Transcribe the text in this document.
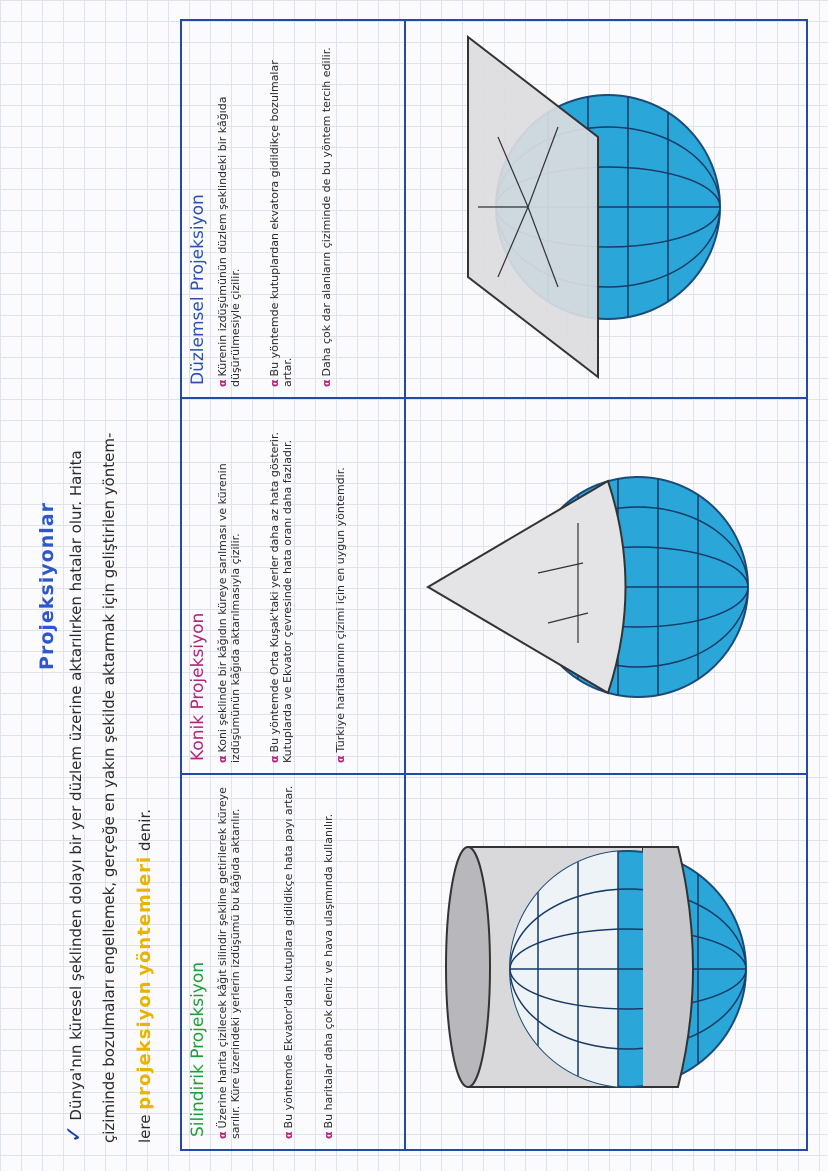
Projeksiyonlar
✓Dünya'nın küresel şeklinden dolayı bir yer düzlem üzerine aktarılırken hatalar olur. Harita çiziminde bozulmaları engellemek, gerçeğe en yakın şekilde aktarmak için geliştirilen yöntem- lere projeksiyon yöntemleri denir.
Silindirik Projeksiyon αÜzerine harita çizilecek kâğıt silindir şekline getirilerek küreye sarılır. Küre üzerindeki yerlerin izdüşümü bu kâğıda aktarılır.	αBu yöntemde Ekvator'dan kutuplara gidildikçe hata payı artar.
αBu haritalar daha çok deniz ve hava ulaşımında kullanılır.
Konik Projeksiyon αKoni şeklinde bir kâğıdın küreye sarılması ve kürenin izdüşümünün kâğıda aktarılmasıyla çizilir. αBu yöntemde Orta Kuşak'taki yerler daha az hata gösterir. Kutuplarda ve Ekvator çevresinde hata oranı daha fazladır.	αTürkiye haritalarının çizimi için en uygun yöntemdir.
Düzlemsel Projeksiyon αKürenin izdüşümünün düzlem şeklindeki bir kâğıda düşürülmesiyle çizilir. αBu yöntemde kutuplardan ekvatora gidildikçe bozulmalar artar. αDaha çok dar alanların çiziminde de bu yöntem tercih edilir.
